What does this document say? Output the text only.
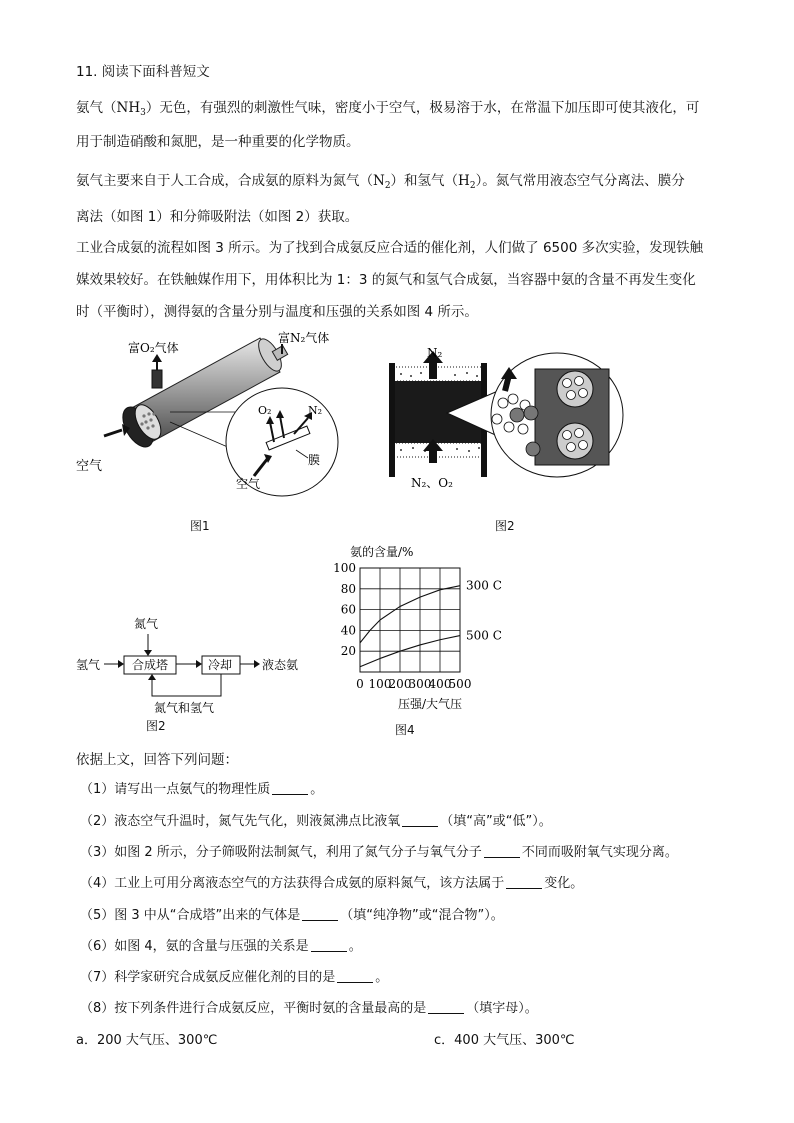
11. 阅读下面科普短文
氨气$(NH_3)$无色，有强烈的刺激性气味，密度小于空气，极易溶于水，在常温下加压即可使其液化，可
用于制造硝酸和氮肥，是一种重要的化学物质。
氨气主要来自于人工合成，合成氨的原料为氮气$(N_2)$和氢气$(H_2)$。氮气常用液态空气分离法、膜分
离法（如图 1）和分筛吸附法（如图 2）获取。
工业合成氨的流程如图 3 所示。为了找到合成氨反应合适的催化剂，人们做了 6500 多次实验，发现铁触
媒效果较好。在铁触媒作用下，用体积比为 1：3 的氮气和氢气合成氨，当容器中氨的含量不再发生变化
时（平衡时），测得氨的含量分别与温度和压强的关系如图 4 所示。
富O₂气体
富N₂气体
空气
O₂	N₂
膜
空气
图1
N₂
N₂、O₂
图2
氮气
氢气	合成塔	冷却 液态氨
氮气和氢气
图2
氨的含量/%
100
80
60
40
20
0 100
200
300
400
500
300 C
500 C
压强/大气压
图4
依据上文，回答下列问题：
（1）请写出一点氨气的物理性质	。
（2）液态空气升温时，氮气先气化，则液氮沸点比液氧	（填“高”或“低”）。
（3）如图 2 所示，分子筛吸附法制氮气，利用了氮气分子与氧气分子	不同而吸附氧气实现分离。
（4）工业上可用分离液态空气的方法获得合成氨的原料氮气，该方法属于	变化。
（5）图 3 中从“合成塔”出来的气体是	（填“纯净物”或“混合物”）。
（6）如图 4，氨的含量与压强的关系是	。
（7）科学家研究合成氨反应催化剂的目的是	。
（8）按下列条件进行合成氨反应，平衡时氨的含量最高的是	（填字母）。
a．200 大气压、300℃	c．400 大气压、300℃
